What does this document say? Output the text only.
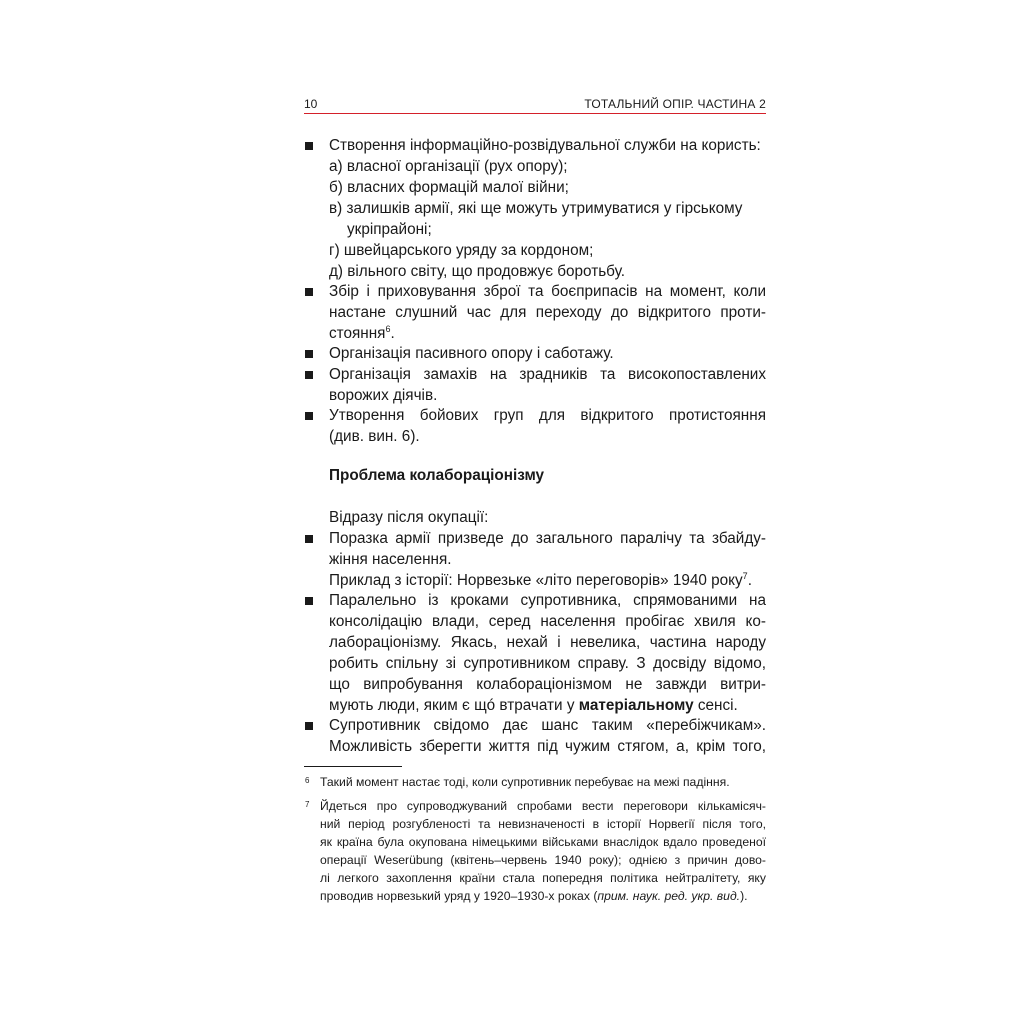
10	ТОТАЛЬНИЙ ОПІР. ЧАСТИНА 2
Створення інформаційно-розвідувальної служби на користь:
а) власної організації (рух опору);
б) власних формацій малої війни;
в) залишків армії, які ще можуть утримуватися у гірському
укріпрайоні;
г) швейцарського уряду за кордоном;
д) вільного світу, що продовжує боротьбу.
Збір і приховування зброї та боєприпасів на момент, коли
настане слушний час для переходу до відкритого проти-
стояння$^6$.
Організація пасивного опору і саботажу.
Організація замахів на зрадників та високопоставлених
ворожих діячів.
Утворення бойових груп для відкритого протистояння
(див. вин. 6).
Проблема колабораціонізму
Відразу після окупації:
Поразка армії призведе до загального паралічу та збайду-
жіння населення.
Приклад з історії: Норвезьке «літо переговорів» 1940 року$^7$.
Паралельно із кроками супротивника, спрямованими на
консолідацію влади, серед населення пробігає хвиля ко-
лабораціонізму. Якась, нехай і невелика, частина народу
робить спільну зі супротивником справу. З досвіду відомо,
що випробування колабораціонізмом не завжди витри-
мують люди, яким є щó втрачати у матеріальному сенсі.
Супротивник свідомо дає шанс таким «перебіжчикам».
Можливість зберегти життя під чужим стягом, а, крім того,
6 Такий момент настає тоді, коли супротивник перебуває на межі падіння.
7 Йдеться про супроводжуваний спробами вести переговори кількамісяч-
ний період розгубленості та невизначеності в історії Норвегії після того,
як країна була окупована німецькими військами внаслідок вдало проведеної
операції Weserübung (квітень–червень 1940 року); однією з причин дово-
лі легкого захоплення країни стала попередня політика нейтралітету, яку
проводив норвезький уряд у 1920–1930-х роках (прим. наук. ред. укр. вид.).
